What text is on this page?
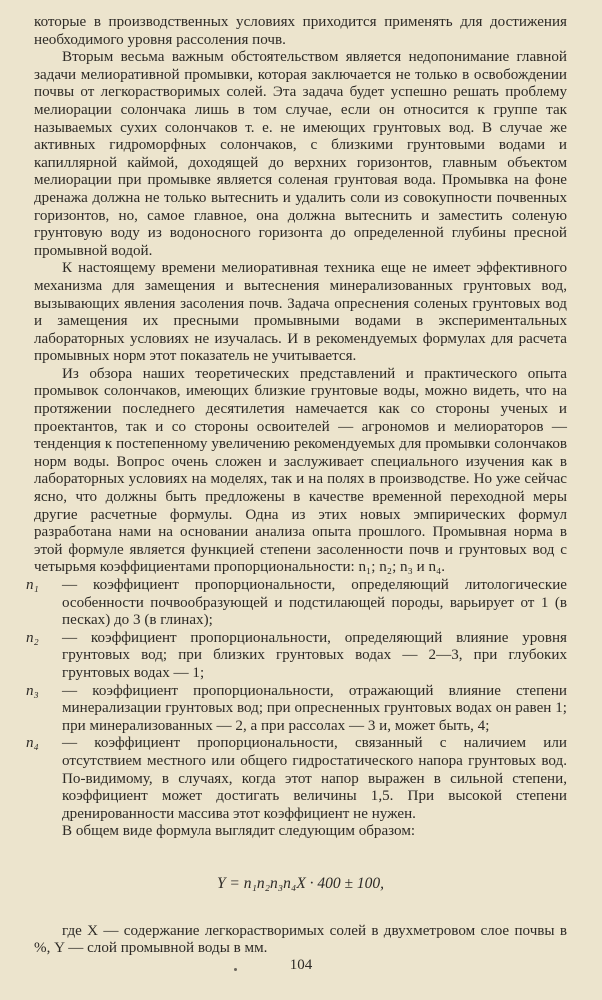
которые в производственных условиях приходится применять для достижения необходимого уровня рассоления почв.

Вторым весьма важным обстоятельством является недопонимание главной задачи мелиоративной промывки, которая заключается не только в освобождении почвы от легкорастворимых солей. Эта задача будет успешно решать проблему мелиорации солончака лишь в том случае, если он относится к группе так называемых сухих солончаков т. е. не имеющих грунтовых вод. В случае же активных гидроморфных солончаков, с близкими грунтовыми водами и капиллярной каймой, доходящей до верхних горизонтов, главным объектом мелиорации при промывке является соленая грунтовая вода. Промывка на фоне дренажа должна не только вытеснить и удалить соли из совокупности почвенных горизонтов, но, самое главное, она должна вытеснить и заместить соленую грунтовую воду из водоносного горизонта до определенной глубины пресной промывной водой.

К настоящему времени мелиоративная техника еще не имеет эффективного механизма для замещения и вытеснения минерализованных грунтовых вод, вызывающих явления засоления почв. Задача опреснения соленых грунтовых вод и замещения их пресными промывными водами в экспериментальных лабораторных условиях не изучалась. И в рекомендуемых формулах для расчета промывных норм этот показатель не учитывается.

Из обзора наших теоретических представлений и практического опыта промывок солончаков, имеющих близкие грунтовые воды, можно видеть, что на протяжении последнего десятилетия намечается как со стороны ученых и проектантов, так и со стороны освоителей — агрономов и мелиораторов — тенденция к постепенному увеличению рекомендуемых для промывки солончаков норм воды. Вопрос очень сложен и заслуживает специального изучения как в лабораторных условиях на моделях, так и на полях в производстве. Но уже сейчас ясно, что должны быть предложены в качестве временной переходной меры другие расчетные формулы. Одна из этих новых эмпирических формул разработана нами на основании анализа опыта прошлого. Промывная норма в этой формуле является функцией степени засоленности почв и грунтовых вод с четырьмя коэффициентами пропорциональности: n₁; n₂; n₃ и n₄.

n₁ — коэффициент пропорциональности, определяющий литологические особенности почвообразующей и подстилающей породы, варьирует от 1 (в песках) до 3 (в глинах);
n₂ — коэффициент пропорциональности, определяющий влияние уровня грунтовых вод; при близких грунтовых водах — 2—3, при глубоких грунтовых водах — 1;
n₃ — коэффициент пропорциональности, отражающий влияние степени минерализации грунтовых вод; при опресненных грунтовых водах он равен 1; при минерализованных — 2, а при рассолах — 3 и, может быть, 4;
n₄ — коэффициент пропорциональности, связанный с наличием или отсутствием местного или общего гидростатического напора грунтовых вод. По-видимому, в случаях, когда этот напор выражен в сильной степени, коэффициент может достигать величины 1,5. При высокой степени дренированности массива этот коэффициент не нужен.

В общем виде формула выглядит следующим образом:

Y = n₁n₂n₃n₄X · 400 ± 100,

где X — содержание легкорастворимых солей в двухметровом слое почвы в %, Y — слой промывной воды в мм.

104
